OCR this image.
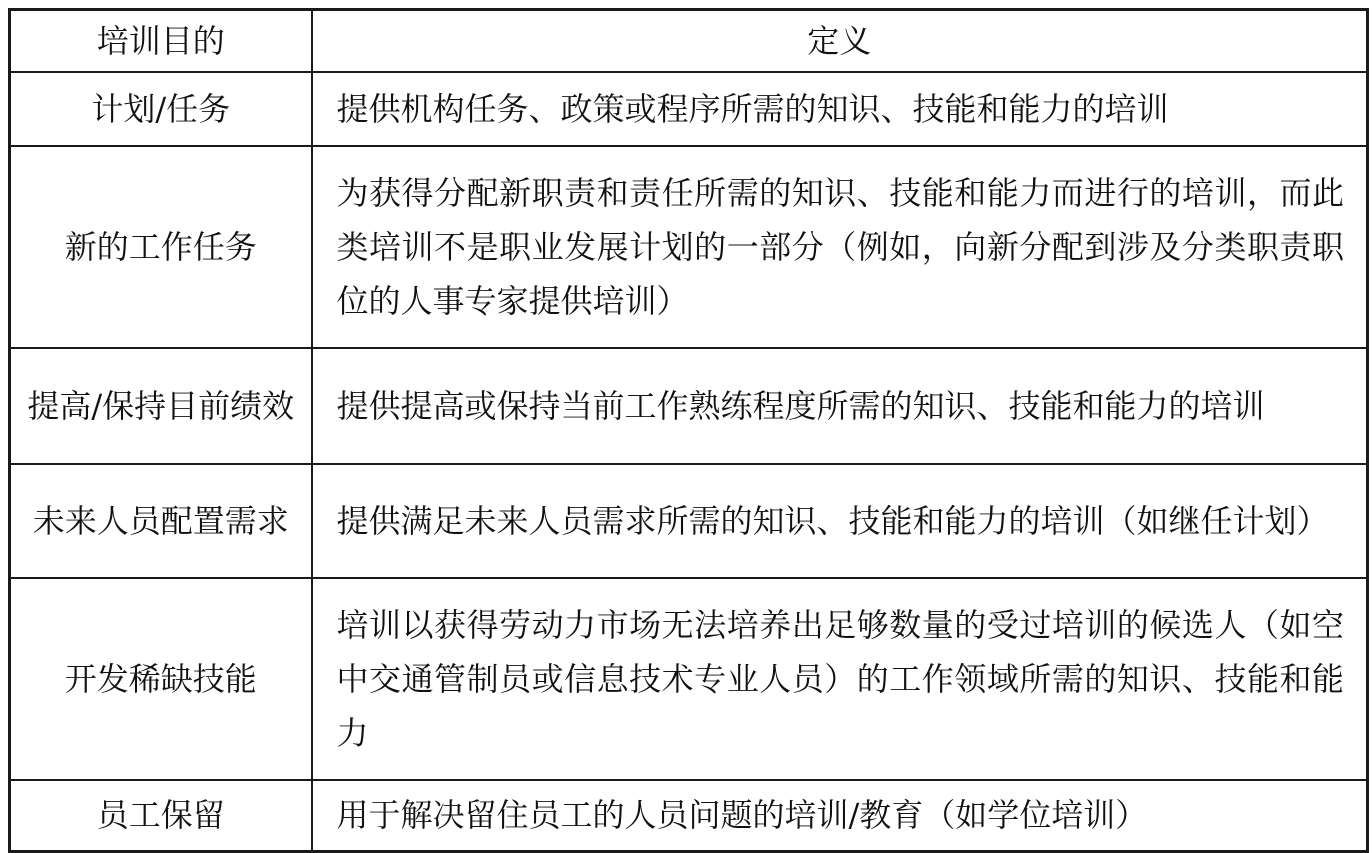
培训目的	定义
计划/任务	提供机构任务、政策或程序所需的知识、技能和能力的培训
新的工作任务	为获得分配新职责和责任所需的知识、技能和能力而进行的培训，而此类培训不是职业发展计划的一部分（例如，向新分配到涉及分类职责职位的人事专家提供培训）
提高/保持目前绩效	提供提高或保持当前工作熟练程度所需的知识、技能和能力的培训
未来人员配置需求	提供满足未来人员需求所需的知识、技能和能力的培训（如继任计划）
开发稀缺技能	培训以获得劳动力市场无法培养出足够数量的受过培训的候选人（如空中交通管制员或信息技术专业人员）的工作领域所需的知识、技能和能力
员工保留	用于解决留住员工的人员问题的培训/教育（如学位培训）
